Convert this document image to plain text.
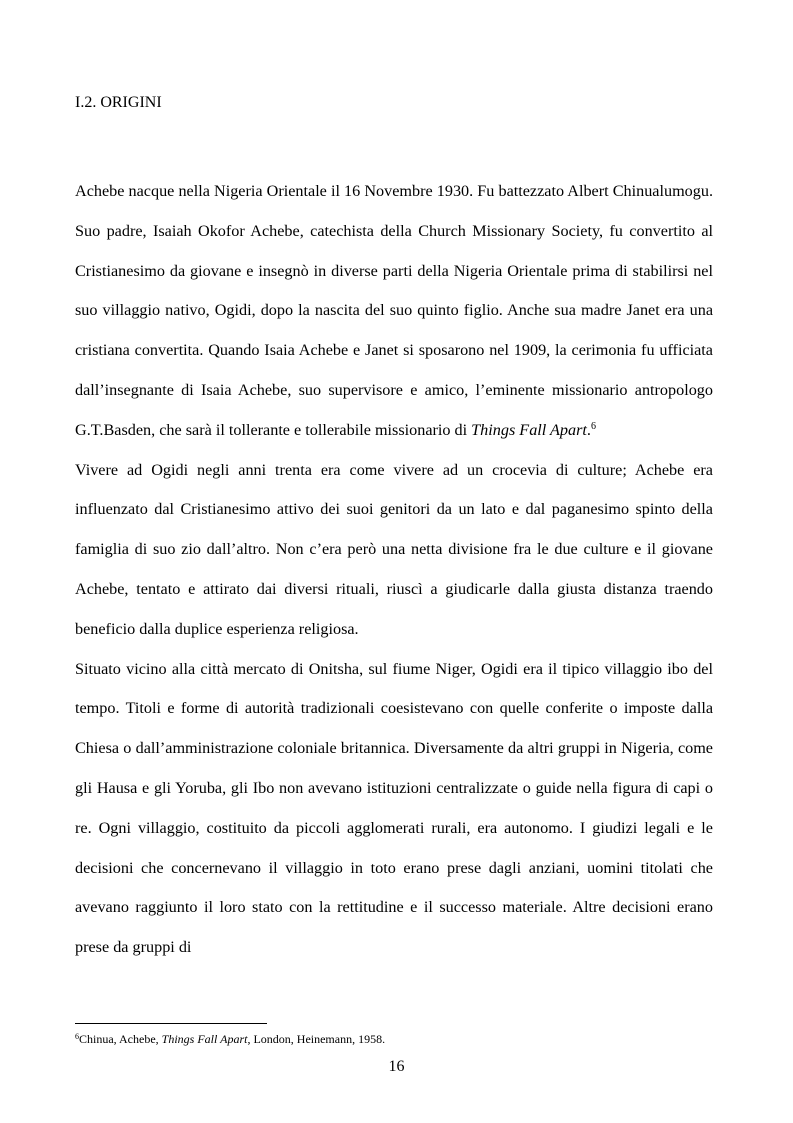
I.2. ORIGINI

Achebe nacque nella Nigeria Orientale il 16 Novembre 1930. Fu battezzato Albert Chinualumogu. Suo padre, Isaiah Okofor Achebe, catechista della Church Missionary Society, fu convertito al Cristianesimo da giovane e insegnò in diverse parti della Nigeria Orientale prima di stabilirsi nel suo villaggio nativo, Ogidi, dopo la nascita del suo quinto figlio. Anche sua madre Janet era una cristiana convertita. Quando Isaia Achebe e Janet si sposarono nel 1909, la cerimonia fu ufficiata dall’insegnante di Isaia Achebe, suo supervisore e amico, l’eminente missionario antropologo G.T.Basden, che sarà il tollerante e tollerabile missionario di Things Fall Apart.$^6$

Vivere ad Ogidi negli anni trenta era come vivere ad un crocevia di culture; Achebe era influenzato dal Cristianesimo attivo dei suoi genitori da un lato e dal paganesimo spinto della famiglia di suo zio dall’altro. Non c’era però una netta divisione fra le due culture e il giovane Achebe, tentato e attirato dai diversi rituali, riuscì a giudicarle dalla giusta distanza traendo beneficio dalla duplice esperienza religiosa.

Situato vicino alla città mercato di Onitsha, sul fiume Niger, Ogidi era il tipico villaggio ibo del tempo. Titoli e forme di autorità tradizionali coesistevano con quelle conferite o imposte dalla Chiesa o dall’amministrazione coloniale britannica. Diversamente da altri gruppi in Nigeria, come gli Hausa e gli Yoruba, gli Ibo non avevano istituzioni centralizzate o guide nella figura di capi o re. Ogni villaggio, costituito da piccoli agglomerati rurali, era autonomo. I giudizi legali e le decisioni che concernevano il villaggio in toto erano prese dagli anziani, uomini titolati che avevano raggiunto il loro stato con la rettitudine e il successo materiale. Altre decisioni erano prese da gruppi di

$^6$Chinua, Achebe, Things Fall Apart, London, Heinemann, 1958.
16
